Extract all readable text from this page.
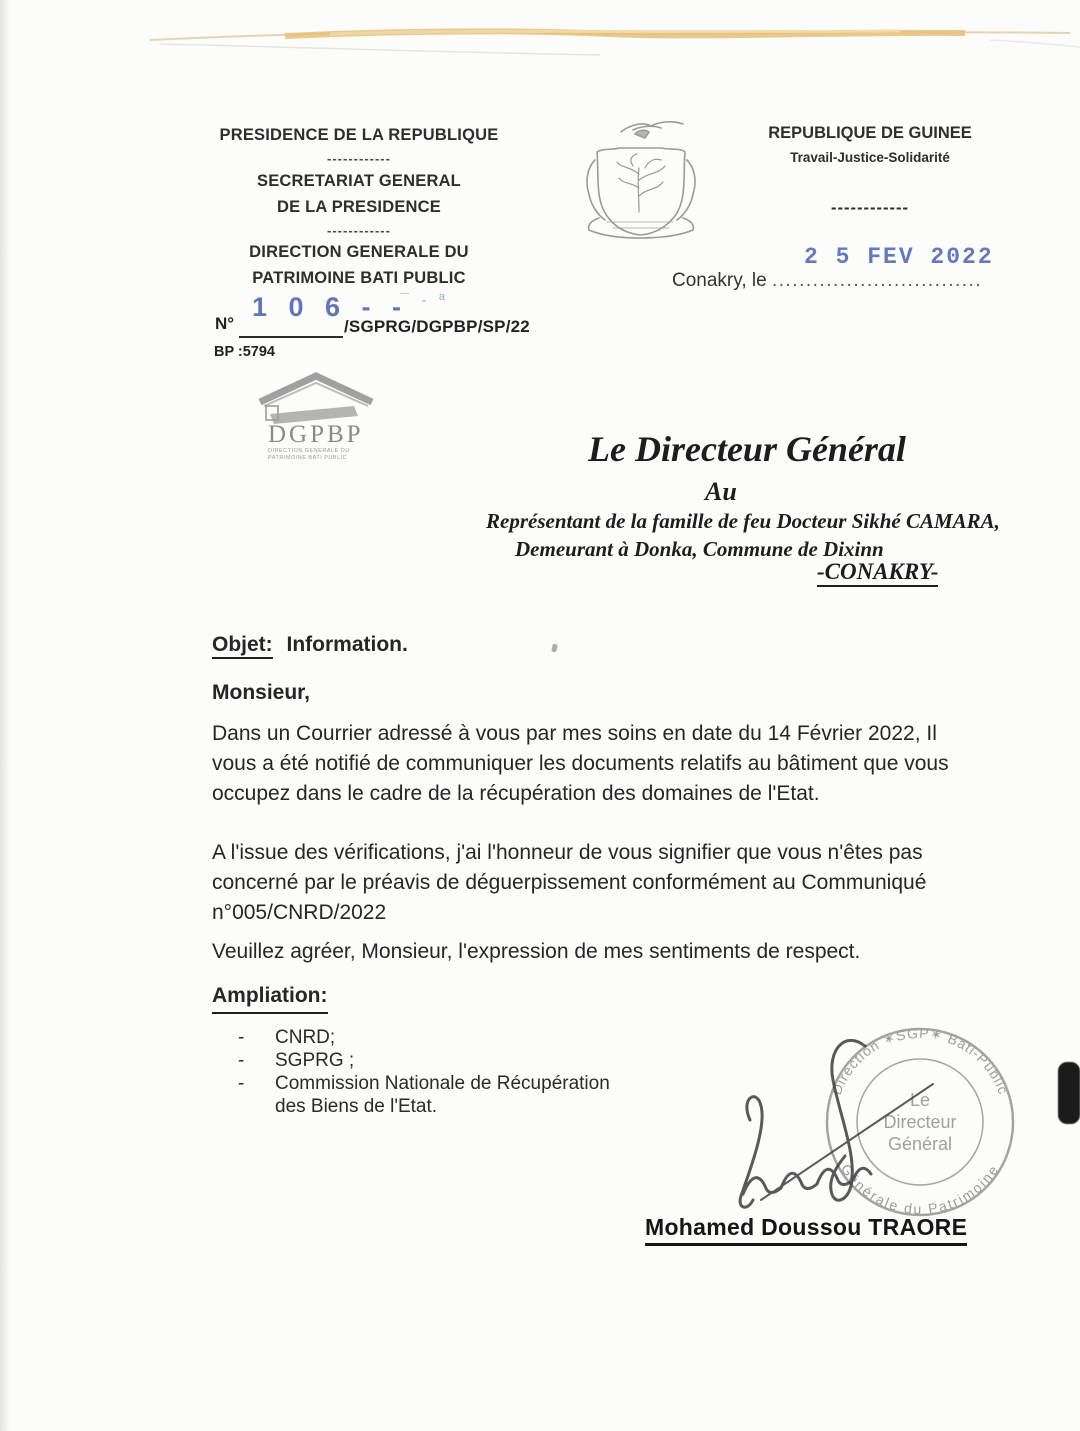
PRESIDENCE DE LA REPUBLIQUE
------------
SECRETARIAT GENERAL
DE LA PRESIDENCE
------------
DIRECTION GENERALE DU
PATRIMOINE BATI PUBLIC
N°
1 0 6 - -
¯ - ª
/SGPRG/DGPBP/SP/22
BP :5794
REPUBLIQUE DE GUINEE
Travail-Justice-Solidarité
------------
2 5 FEV 2022
Conakry, le ...............................
DGPBP
DIRECTION GENERALE DU
PATRIMOINE BATI PUBLIC	Le Directeur Général
Au
Représentant de la famille de feu Docteur Sikhé CAMARA,
Demeurant à Donka, Commune de Dixinn
-CONAKRY-
Objet: Information.
Monsieur,
Dans un Courrier adressé à vous par mes soins en date du 14 Février 2022, Il vous a été notifié de communiquer les documents relatifs au bâtiment que vous occupez dans le cadre de la récupération des domaines de l'Etat.
A l'issue des vérifications, j'ai l'honneur de vous signifier que vous n'êtes pas concerné par le préavis de déguerpissement conformément au Communiqué n°005/CNRD/2022
Veuillez agréer, Monsieur, l'expression de mes sentiments de respect.
Ampliation:
- CNRD;
- SGPRG ;
- Commission Nationale de Récupération des Biens de l'Etat.
Direction ✶SGP✶ Bati-Public
Générale du Patrimoine
Le
Directeur
Général
Mohamed Doussou TRAORE
